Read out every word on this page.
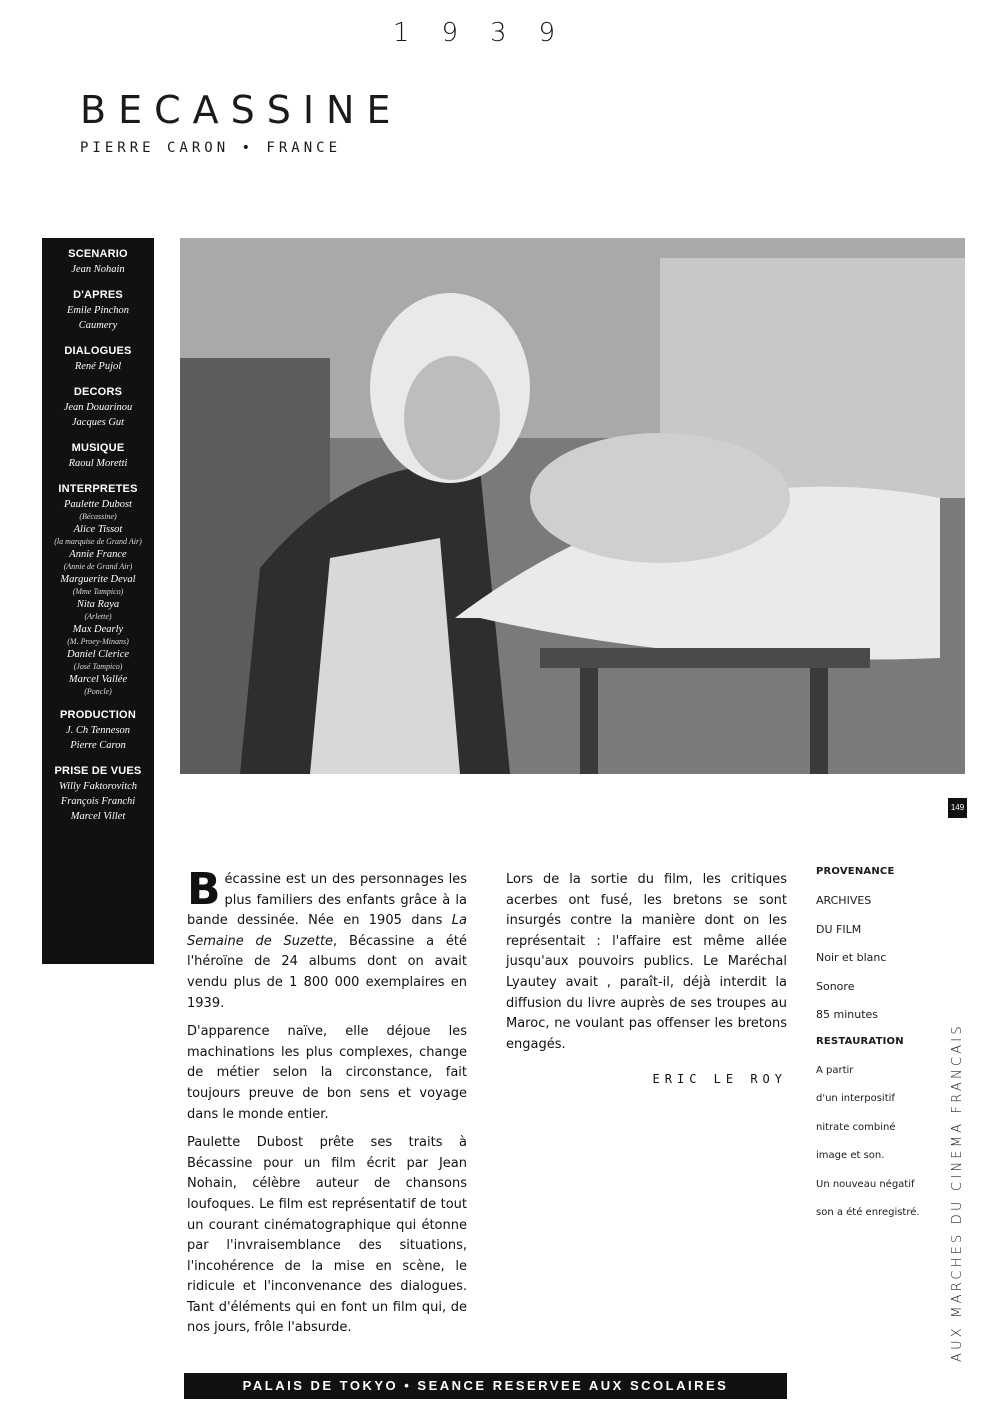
1939
BECASSINE
PIERRE CARON • FRANCE
SCENARIO
Jean Nohain
D'APRES
Emile Pinchon
Caumery
DIALOGUES
René Pujol
DECORS
Jean Douarinou
Jacques Gut
MUSIQUE
Raoul Moretti
INTERPRETES
Paulette Dubost
(Bécassine)
Alice Tissot
(la marquise de Grand Air)
Annie France
(Annie de Grand Air)
Marguerite Deval
(Mme Tampico)
Nita Raya
(Arlette)
Max Dearly
(M. Proey-Minans)
Daniel Clerice
(José Tampico)
Marcel Vallée
(Poncle)
PRODUCTION
J. Ch Tenneson
Pierre Caron
PRISE DE VUES
Willy Faktorovitch
François Franchi
Marcel Villet
149

Bécassine est un des personnages les plus familiers des enfants grâce à la bande dessinée. Née en 1905 dans La Semaine de Suzette, Bécassine a été l'héroïne de 24 albums dont on avait vendu plus de 1 800 000 exemplaires en 1939.

D'apparence naïve, elle déjoue les machinations les plus complexes, change de métier selon la circonstance, fait toujours preuve de bon sens et voyage dans le monde entier.

Paulette Dubost prête ses traits à Bécassine pour un film écrit par Jean Nohain, célèbre auteur de chansons loufoques. Le film est représentatif de tout un courant cinématographique qui étonne par l'invraisemblance des situations, l'incohérence de la mise en scène, le ridicule et l'inconvenance des dialogues. Tant d'éléments qui en font un film qui, de nos jours, frôle l'absurde.

Lors de la sortie du film, les critiques acerbes ont fusé, les bretons se sont insurgés contre la manière dont on les représentait : l'affaire est même allée jusqu'aux pouvoirs publics. Le Maréchal Lyautey avait , paraît-il, déjà interdit la diffusion du livre auprès de ses troupes au Maroc, ne voulant pas offenser les bretons engagés.

ERIC LE ROY
PROVENANCE
ARCHIVES
DU FILM
Noir et blanc
Sonore
85 minutes
RESTAURATION
A partir
d'un interpositif
nitrate combiné
image et son.
Un nouveau négatif
son a été enregistré.	AUX MARCHES DU CINEMA FRANCAIS
PALAIS DE TOKYO • SEANCE RESERVEE AUX SCOLAIRES
